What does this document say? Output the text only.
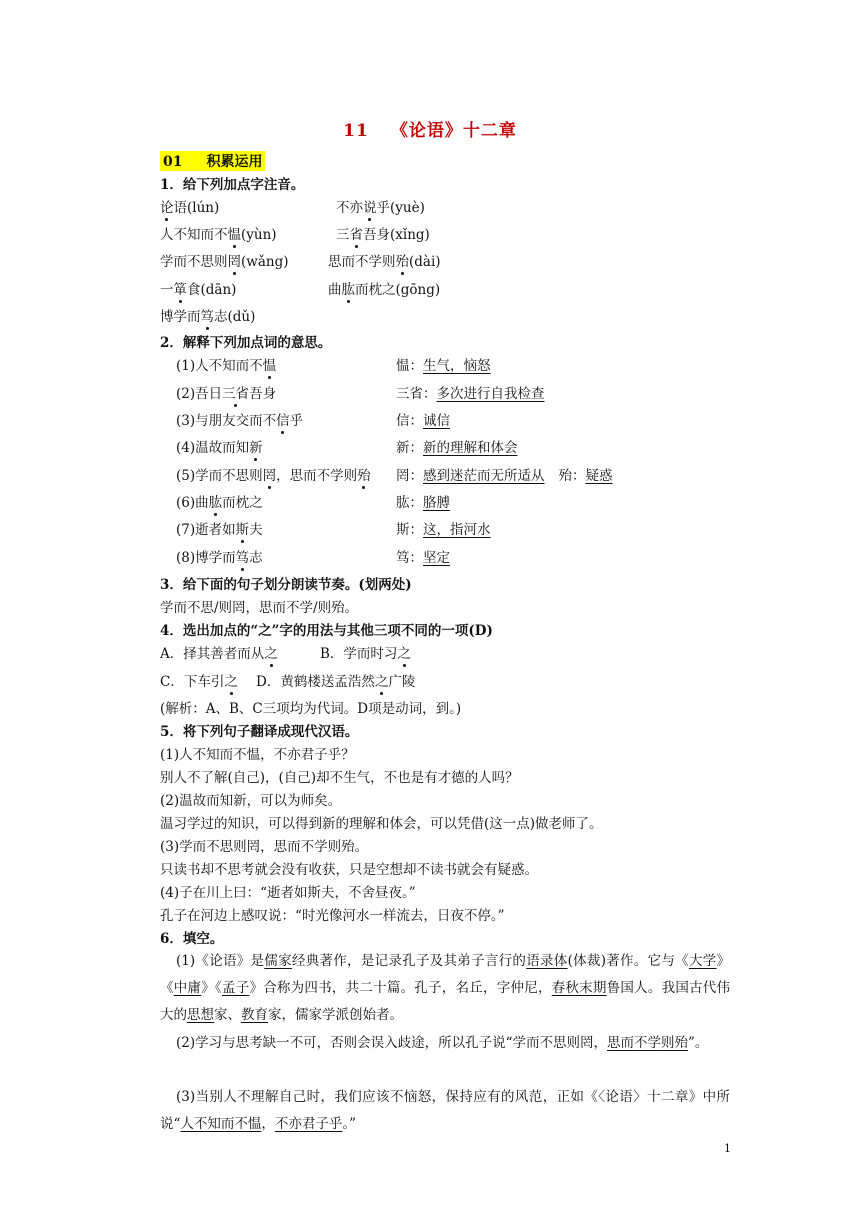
11 《论语》十二章
01 积累运用
1．给下列加点字注音。
论语(lún)	不亦说乎(yuè)
人不知而不愠(yùn)	三省吾身(xǐng)
学而不思则罔(wǎng)	思而不学则殆(dài)
一箪食(dān)	曲肱而枕之(gōng)
博学而笃志(dǔ)
2．解释下列加点词的意思。
(1)人不知而不愠	愠：生气，恼怒
(2)吾日三省吾身	三省：多次进行自我检查
(3)与朋友交而不信乎	信：诚信
(4)温故而知新	新：新的理解和体会
(5)学而不思则罔，思而不学则殆 罔：感到迷茫而无所适从 殆：疑惑
(6)曲肱而枕之	肱：胳膊
(7)逝者如斯夫	斯：这，指河水
(8)博学而笃志	笃：坚定
3．给下面的句子划分朗读节奏。(划两处)
学而不思/则罔，思而不学/则殆。
4．选出加点的“之”字的用法与其他三项不同的一项(D)
A．择其善者而从之	B．学而时习之
C．下车引之 D．黄鹤楼送孟浩然之广陵
(解析：A、B、C三项均为代词。D项是动词，到。)
5．将下列句子翻译成现代汉语。
(1)人不知而不愠，不亦君子乎？
别人不了解(自己)，(自己)却不生气，不也是有才德的人吗？
(2)温故而知新，可以为师矣。
温习学过的知识，可以得到新的理解和体会，可以凭借(这一点)做老师了。
(3)学而不思则罔，思而不学则殆。
只读书却不思考就会没有收获，只是空想却不读书就会有疑惑。
(4)子在川上曰：“逝者如斯夫，不舍昼夜。”
孔子在河边上感叹说：“时光像河水一样流去，日夜不停。”
6．填空。
(1)《论语》是儒家经典著作，是记录孔子及其弟子言行的语录体(体裁)著作。它与《大学》《中庸》《孟子》合称为四书，共二十篇。孔子，名丘，字仲尼，春秋末期鲁国人。我国古代伟大的思想家、教育家，儒家学派创始者。
(2)学习与思考缺一不可，否则会误入歧途，所以孔子说“学而不思则罔，思而不学则殆”。
(3)当别人不理解自己时，我们应该不恼怒，保持应有的风范，正如《〈论语〉十二章》中所说“人不知而不愠，不亦君子乎。”
1
